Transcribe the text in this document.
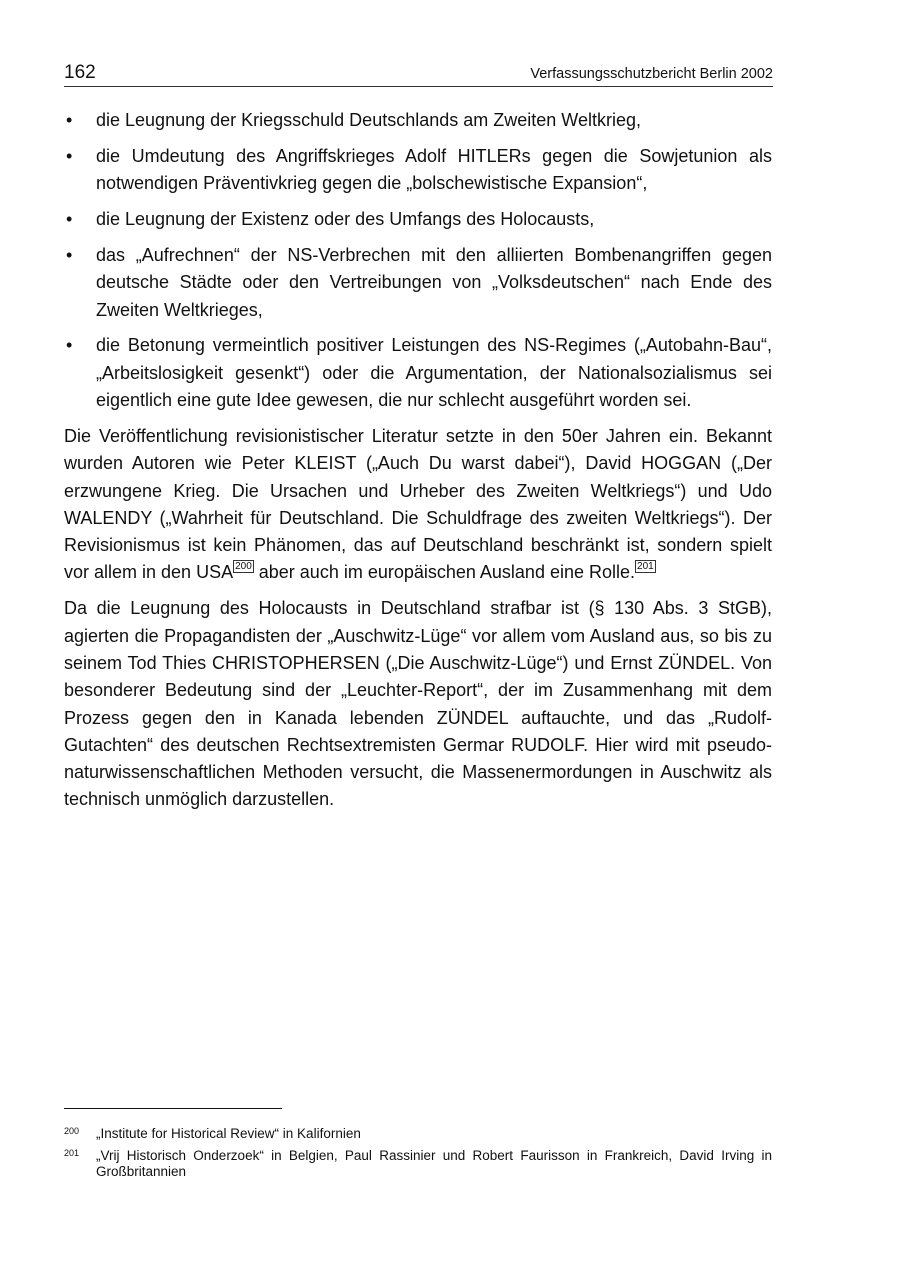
162	Verfassungsschutzbericht Berlin 2002
• die Leugnung der Kriegsschuld Deutschlands am Zweiten Weltkrieg,
• die Umdeutung des Angriffskrieges Adolf HITLERs gegen die Sowjetunion als notwendigen Präventivkrieg gegen die „bolschewistische Expansion“,
• die Leugnung der Existenz oder des Umfangs des Holocausts,
• das „Aufrechnen“ der NS-Verbrechen mit den alliierten Bombenangriffen gegen deutsche Städte oder den Vertreibungen von „Volksdeutschen“ nach Ende des Zweiten Weltkrieges,
• die Betonung vermeintlich positiver Leistungen des NS-Regimes („Autobahn-Bau“, „Arbeitslosigkeit gesenkt“) oder die Argumentation, der Nationalsozialismus sei eigentlich eine gute Idee gewesen, die nur schlecht ausgeführt worden sei.

Die Veröffentlichung revisionistischer Literatur setzte in den 50er Jahren ein. Bekannt wurden Autoren wie Peter KLEIST („Auch Du warst dabei“), David HOGGAN („Der erzwungene Krieg. Die Ursachen und Urheber des Zweiten Weltkriegs“) und Udo WALENDY („Wahrheit für Deutschland. Die Schuldfrage des zweiten Weltkriegs“). Der Revisionismus ist kein Phänomen, das auf Deutschland beschränkt ist, sondern spielt vor allem in den USA $^{200}$ aber auch im europäischen Ausland eine Rolle. $^{201}$

Da die Leugnung des Holocausts in Deutschland strafbar ist (§ 130 Abs. 3 StGB), agierten die Propagandisten der „Auschwitz-Lüge“ vor allem vom Ausland aus, so bis zu seinem Tod Thies CHRISTOPHERSEN („Die Auschwitz-Lüge“) und Ernst ZÜNDEL. Von besonderer Bedeutung sind der „Leuchter-Report“, der im Zusammenhang mit dem Prozess gegen den in Kanada lebenden ZÜNDEL auftauchte, und das „Rudolf-Gutachten“ des deutschen Rechtsextremisten Germar RUDOLF. Hier wird mit pseudo-naturwissenschaftlichen Methoden versucht, die Massenermordungen in Auschwitz als technisch unmöglich darzustellen.

200 „Institute for Historical Review“ in Kalifornien
201 „Vrij Historisch Onderzoek“ in Belgien, Paul Rassinier und Robert Faurisson in Frankreich, David Irving in Großbritannien
